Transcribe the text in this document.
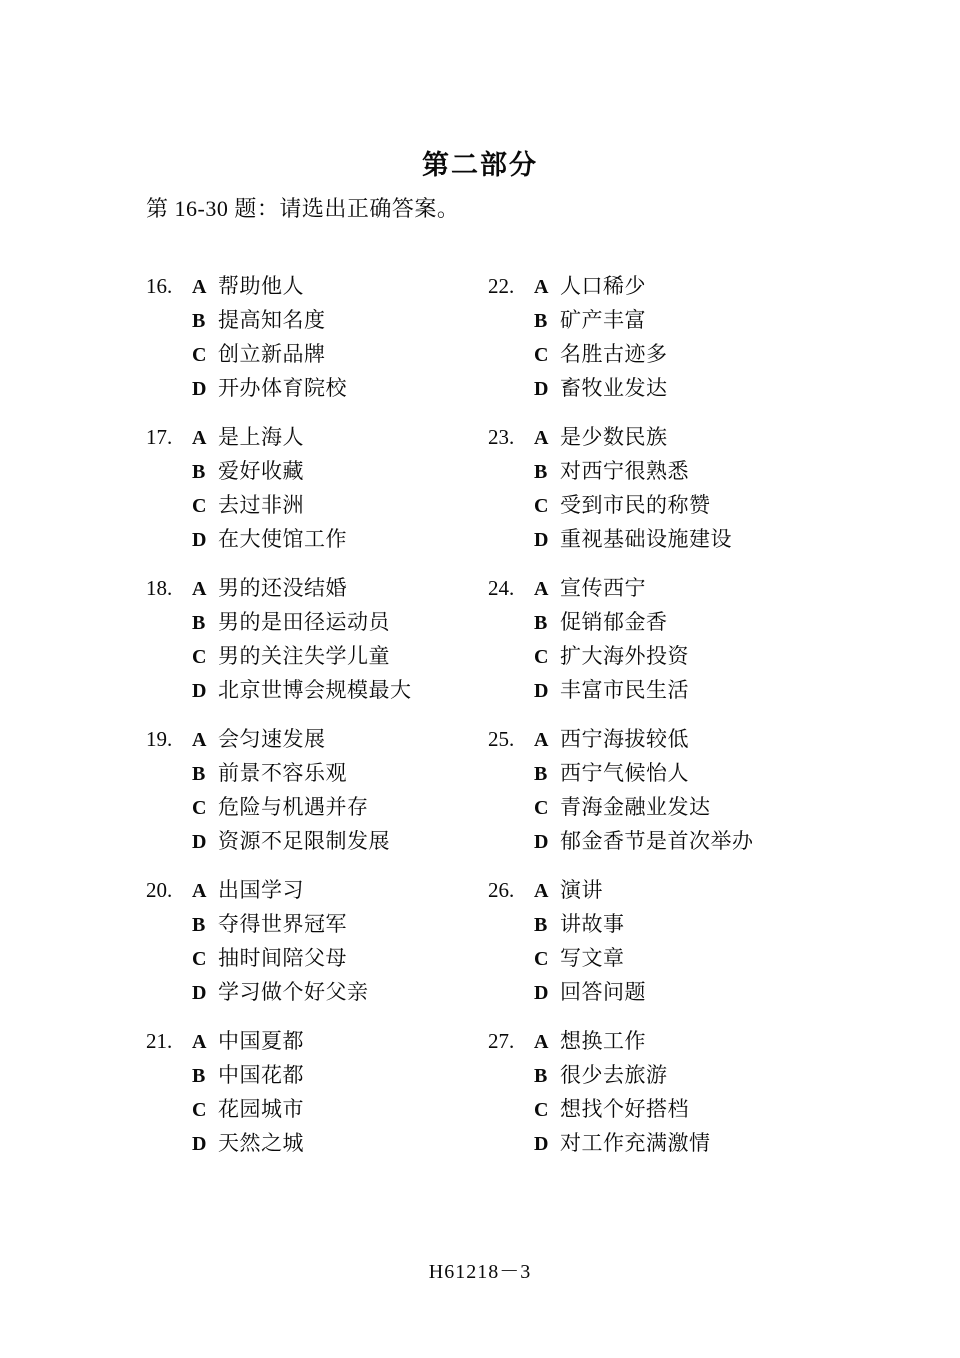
第二部分
第 16-30 题：请选出正确答案。
16. A 帮助他人
B 提高知名度
C 创立新品牌
D 开办体育院校
17. A 是上海人
B 爱好收藏
C 去过非洲
D 在大使馆工作
18. A 男的还没结婚
B 男的是田径运动员
C 男的关注失学儿童
D 北京世博会规模最大
19. A 会匀速发展
B 前景不容乐观
C 危险与机遇并存
D 资源不足限制发展
20. A 出国学习
B 夺得世界冠军
C 抽时间陪父母
D 学习做个好父亲
21. A 中国夏都
B 中国花都
C 花园城市
D 天然之城
22. A 人口稀少
B 矿产丰富
C 名胜古迹多
D 畜牧业发达
23. A 是少数民族
B 对西宁很熟悉
C 受到市民的称赞
D 重视基础设施建设
24. A 宣传西宁
B 促销郁金香
C 扩大海外投资
D 丰富市民生活
25. A 西宁海拔较低
B 西宁气候怡人
C 青海金融业发达
D 郁金香节是首次举办
26. A 演讲
B 讲故事
C 写文章
D 回答问题
27. A 想换工作
B 很少去旅游
C 想找个好搭档
D 对工作充满激情
H61218－3
